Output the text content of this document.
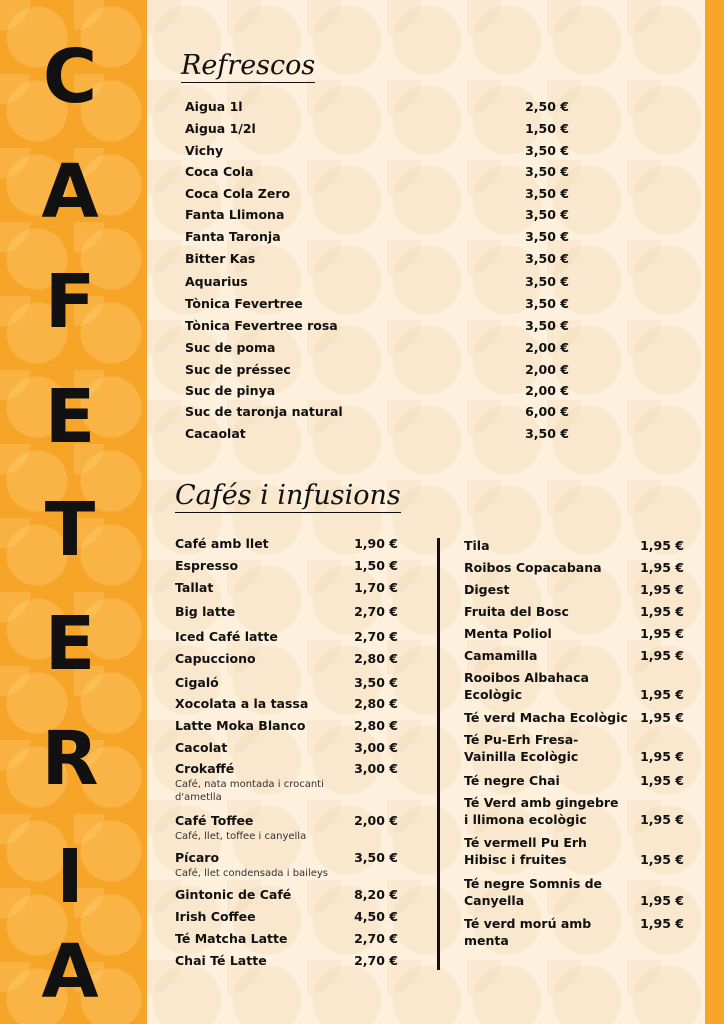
C
A
F
E
T
E
R
I
A
Refrescos
Aigua 1l	2,50 €
Aigua 1/2l	1,50 €
Vichy	3,50 €
Coca Cola	3,50 €
Coca Cola Zero	3,50 €
Fanta Llimona	3,50 €
Fanta Taronja	3,50 €
Bitter Kas	3,50 €
Aquarius	3,50 €
Tònica Fevertree	3,50 €
Tònica Fevertree rosa	3,50 €
Suc de poma	2,00 €
Suc de préssec	2,00 €
Suc de pinya	2,00 €
Suc de taronja natural	6,00 €
Cacaolat	3,50 €
Cafés i infusions
Café amb llet	1,90 €
Espresso	1,50 €
Tallat	1,70 €
Big latte	2,70 €
Iced Café latte	2,70 €
Capucciono	2,80 €
Cigaló	3,50 €
Xocolata a la tassa	2,80 €
Latte Moka Blanco	2,80 €
Cacolat	3,00 €
Crokaffé
Café, nata montada i crocanti d'ametlla
3,00 €
Café Toffee
Café, llet, toffee i canyella
2,00 €
Pícaro
Café, llet condensada i baileys
3,50 €
Gintonic de Café	8,20 €
Irish Coffee	4,50 €
Té Matcha Latte	2,70 €
Chai Té Latte	2,70 €
Tila	1,95 €
Roibos Copacabana	1,95 €
Digest	1,95 €
Fruita del Bosc	1,95 €
Menta Poliol	1,95 €
Camamilla	1,95 €
Rooibos Albahaca Ecològic	1,95 €
Té verd Macha Ecològic 1,95 €
Té Pu-Erh Fresa-Vainilla Ecològic	1,95 €
Té negre Chai	1,95 €
Té Verd amb gingebre i llimona ecològic	1,95 €
Té vermell Pu Erh Hibisc i fruites	1,95 €
Té negre Somnis de Canyella	1,95 €
Té verd morú amb menta
1,95 €
